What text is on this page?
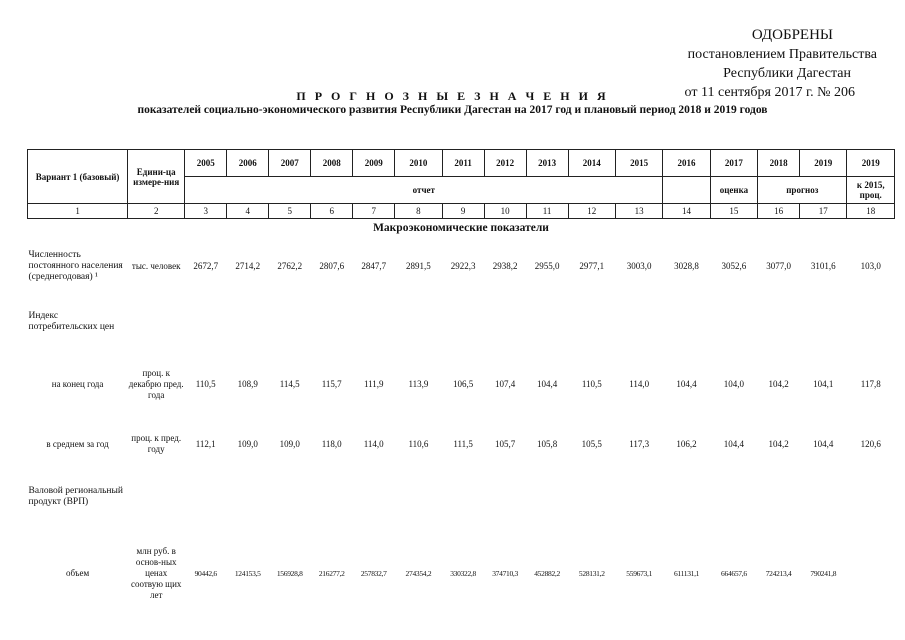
ОДОБРЕНЫ
постановлением Правительства
Республики Дагестан
от 11 сентября 2017 г. № 206
П Р О Г Н О З Н Ы Е З Н А Ч Е Н И Я
показателей социально-экономического развития Республики Дагестан на 2017 год и плановый период 2018 и 2019 годов
Вариант 1 (базовый)	Едини-ца измере-ния	2005	2006	2007	2008	2009	2010	2011	2012	2013	2014	2015	2016	2017	2018	2019	2019
		отчет												оценка	прогноз		к 2015, проц.
1	2	3	4	5	6	7	8	9	10	11	12	13	14	15	16	17	18
Макроэкономические показатели																	
Численность постоянного населения (среднегодовая) ¹	тыс. человек	2672,7	2714,2	2762,2	2807,6	2847,7	2891,5	2922,3	2938,2	2955,0	2977,1	3003,0	3028,8	3052,6	3077,0	3101,6	103,0
Индекс потребительских цен																	
на конец года	проц. к декабрю пред. года	110,5	108,9	114,5	115,7	111,9	113,9	106,5	107,4	104,4	110,5	114,0	104,4	104,0	104,2	104,1	117,8
в среднем за год	проц. к пред. году	112,1	109,0	109,0	118,0	114,0	110,6	111,5	105,7	105,8	105,5	117,3	106,2	104,4	104,2	104,4	120,6
Валовой региональный продукт (ВРП)																	
объем	млн руб. в основ-ных ценах соотвую щих лет	90442,6	124153,5	156928,8	216277,2	257832,7	274354,2	330322,8	374710,3	452882,2	528131,2	559673,1	611131,1	664657,6	724213,4	790241,8	
